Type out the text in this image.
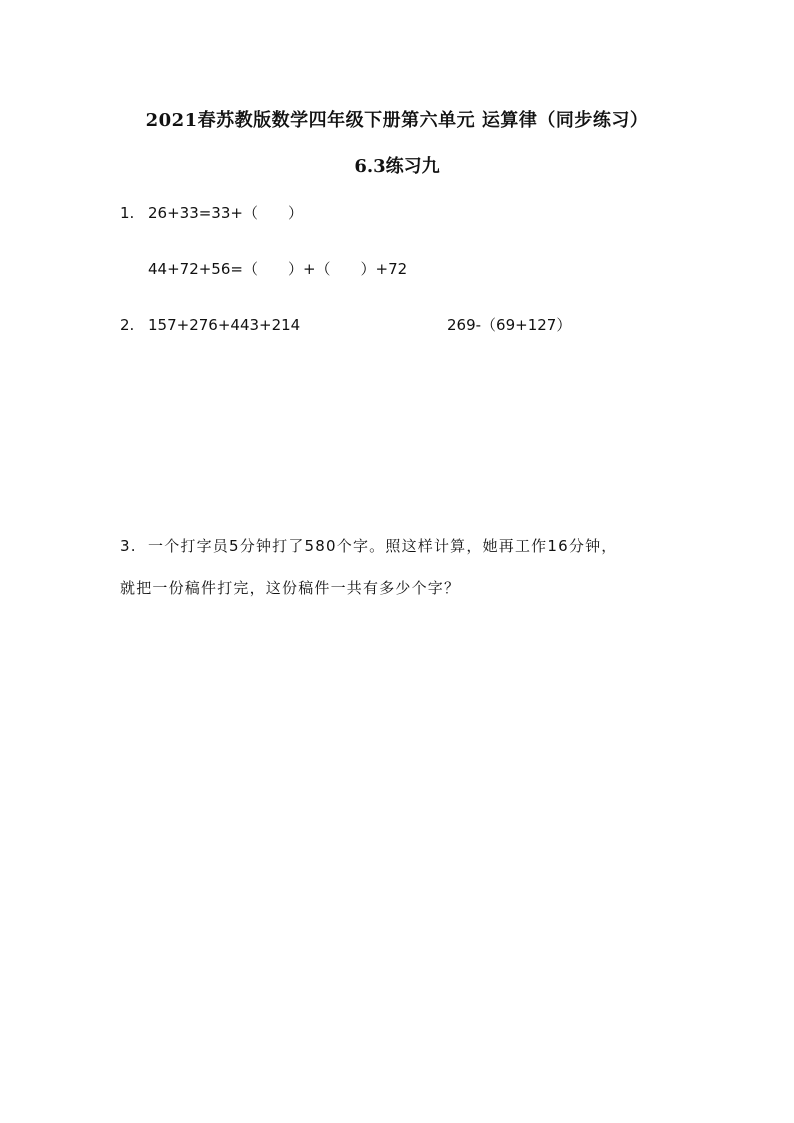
2021春苏教版数学四年级下册第六单元 运算律（同步练习）
6.3练习九
1. 26+33=33+（　　）
44+72+56=（　　）+（　　）+72
2. 157+276+443+214	269-（69+127）
3. 一个打字员5分钟打了580个字。照这样计算，她再工作16分钟，
就把一份稿件打完，这份稿件一共有多少个字？
